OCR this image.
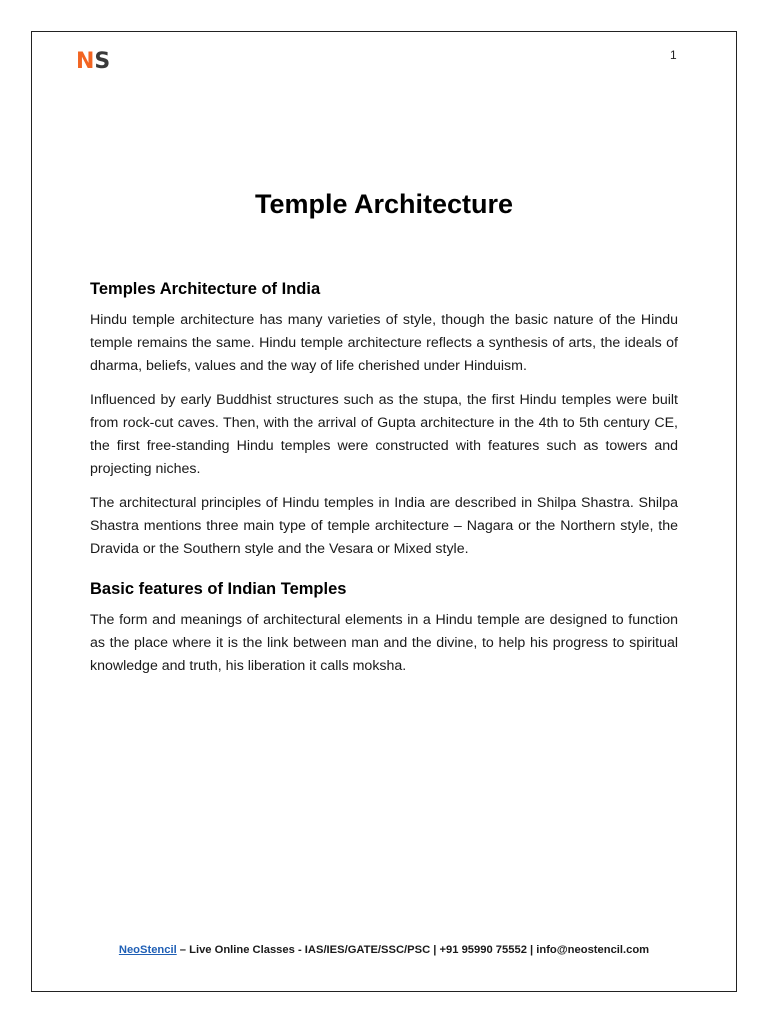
NS	1
Temple Architecture
Temples Architecture of India

Hindu temple architecture has many varieties of style, though the basic nature of the Hindu temple remains the same. Hindu temple architecture reflects a synthesis of arts, the ideals of dharma, beliefs, values and the way of life cherished under Hinduism.

Influenced by early Buddhist structures such as the stupa, the first Hindu temples were built from rock-cut caves. Then, with the arrival of Gupta architecture in the 4th to 5th century CE, the first free-standing Hindu temples were constructed with features such as towers and projecting niches.

The architectural principles of Hindu temples in India are described in Shilpa Shastra. Shilpa Shastra mentions three main type of temple architecture – Nagara or the Northern style, the Dravida or the Southern style and the Vesara or Mixed style.

Basic features of Indian Temples

The form and meanings of architectural elements in a Hindu temple are designed to function as the place where it is the link between man and the divine, to help his progress to spiritual knowledge and truth, his liberation it calls moksha.

NeoStencil – Live Online Classes - IAS/IES/GATE/SSC/PSC | +91 95990 75552 | info@neostencil.com
